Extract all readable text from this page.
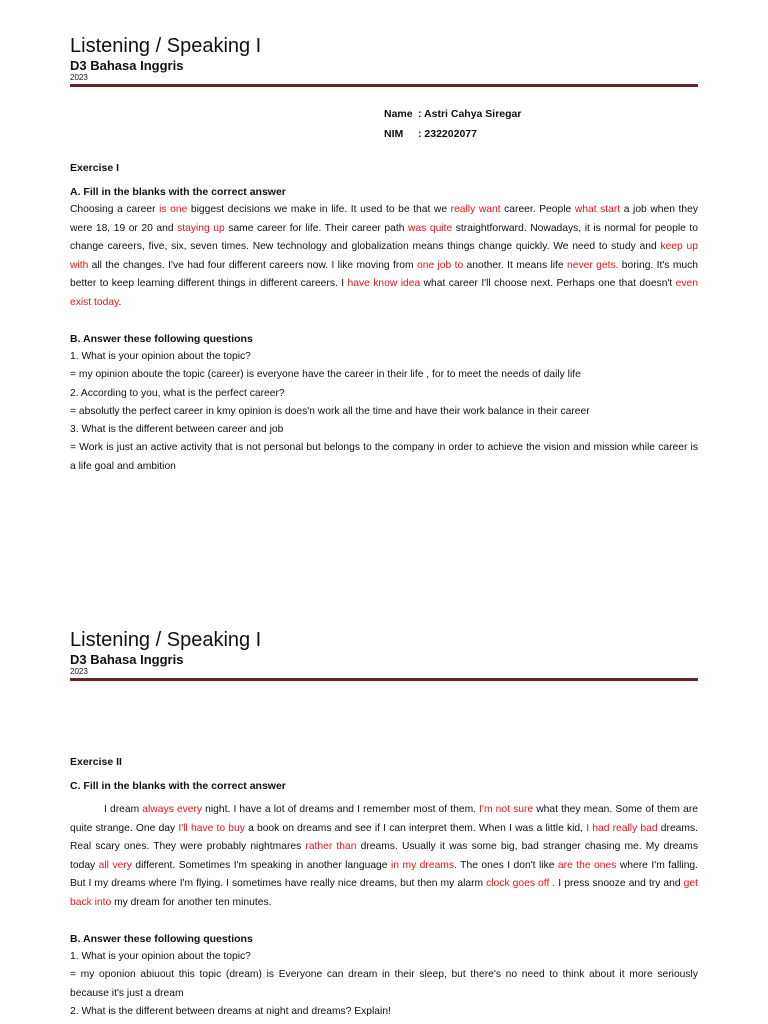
Listening / Speaking I
D3 Bahasa Inggris
2023
Name : Astri Cahya Siregar
NIM	: 232202077
Exercise I
A. Fill in the blanks with the correct answer
Choosing a career is one biggest decisions we make in life. It used to be that we really want career. People what start a job when they were 18, 19 or 20 and staying up same career for life. Their career path was quite straightforward. Nowadays, it is normal for people to change careers, five, six, seven times. New technology and globalization means things change quickly. We need to study and keep up with all the changes. I've had four different careers now. I like moving from one job to another. It means life never gets. boring. It's much better to keep learning different things in different careers. I have know idea what career I'll choose next. Perhaps one that doesn't even exist today.
B. Answer these following questions
1. What is your opinion about the topic?
= my opinion aboute the topic (career) is everyone have the career in their life , for to meet the needs of daily life
2. According to you, what is the perfect career?
= absolutly the perfect career in kmy opinion is does'n work all the time and have their work balance in their career
3. What is the different between career and job
= Work is just an active activity that is not personal but belongs to the company in order to achieve the vision and mission while career is a life goal and ambition
Listening / Speaking I
D3 Bahasa Inggris
2023
Exercise II
C. Fill in the blanks with the correct answer
I dream always every night. I have a lot of dreams and I remember most of them. I'm not sure what they mean. Some of them are quite strange. One day I'll have to buy a book on dreams and see if I can interpret them. When I was a little kid, I had really bad dreams. Real scary ones. They were probably nightmares rather than dreams. Usually it was some big, bad stranger chasing me. My dreams today all very different. Sometimes I'm speaking in another language in my dreams. The ones I don't like are the ones where I'm falling. But I my dreams where I'm flying. I sometimes have really nice dreams, but then my alarm clock goes off . I press snooze and try and get back into my dream for another ten minutes.
B. Answer these following questions
1. What is your opinion about the topic?
= my oponion abiuout this topic (dream) is Everyone can dream in their sleep, but there's no need to think about it more seriously because it's just a dream
2. What is the different between dreams at night and dreams? Explain!
